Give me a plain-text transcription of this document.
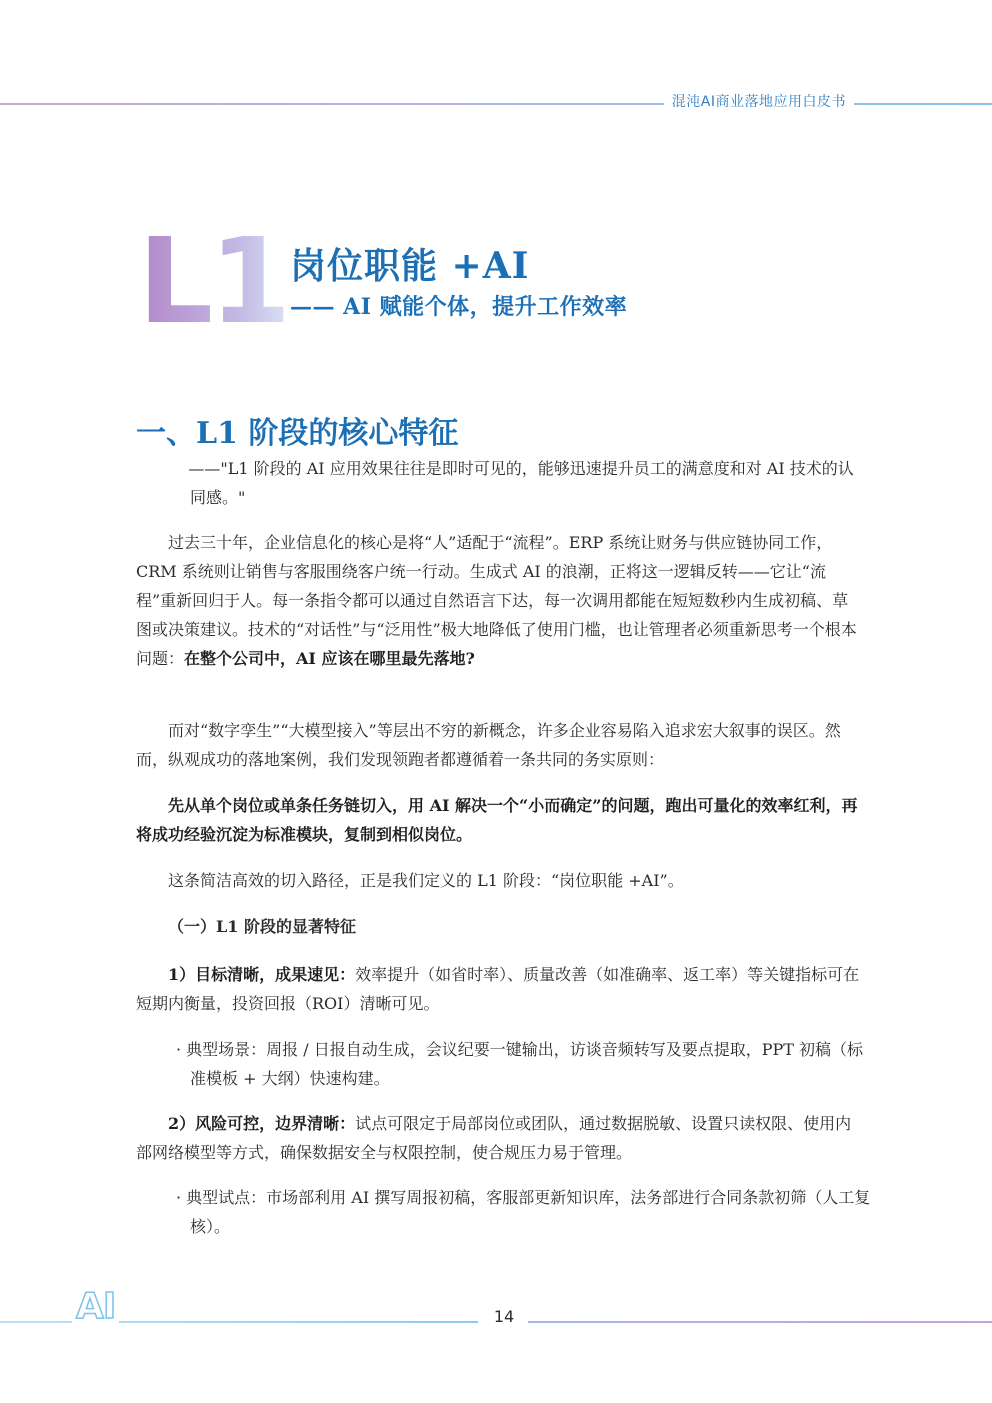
混沌AI商业落地应用白皮书
L1 岗位职能 +AI
—— AI 赋能个体，提升工作效率
一、L1 阶段的核心特征

——"L1 阶段的 AI 应用效果往往是即时可见的，能够迅速提升员工的满意度和对 AI 技术的认同感。"

过去三十年，企业信息化的核心是将“人”适配于“流程”。ERP 系统让财务与供应链协同工作，CRM 系统则让销售与客服围绕客户统一行动。生成式 AI 的浪潮，正将这一逻辑反转——它让“流程”重新回归于人。每一条指令都可以通过自然语言下达，每一次调用都能在短短数秒内生成初稿、草图或决策建议。技术的“对话性”与“泛用性”极大地降低了使用门槛，也让管理者必须重新思考一个根本问题：在整个公司中，AI 应该在哪里最先落地?

而对“数字孪生”“大模型接入”等层出不穷的新概念，许多企业容易陷入追求宏大叙事的误区。然而，纵观成功的落地案例，我们发现领跑者都遵循着一条共同的务实原则：

先从单个岗位或单条任务链切入，用 AI 解决一个“小而确定”的问题，跑出可量化的效率红利，再将成功经验沉淀为标准模块，复制到相似岗位。

这条简洁高效的切入路径，正是我们定义的 L1 阶段：“岗位职能 +AI”。

（一）L1 阶段的显著特征

1）目标清晰，成果速见：效率提升（如省时率）、质量改善（如准确率、返工率）等关键指标可在短期内衡量，投资回报（ROI）清晰可见。

· 典型场景：周报 / 日报自动生成，会议纪要一键输出，访谈音频转写及要点提取，PPT 初稿（标准模板 + 大纲）快速构建。

2）风险可控，边界清晰：试点可限定于局部岗位或团队，通过数据脱敏、设置只读权限、使用内部网络模型等方式，确保数据安全与权限控制，使合规压力易于管理。

· 典型试点：市场部利用 AI 撰写周报初稿，客服部更新知识库，法务部进行合同条款初筛（人工复核）。

AI	14
